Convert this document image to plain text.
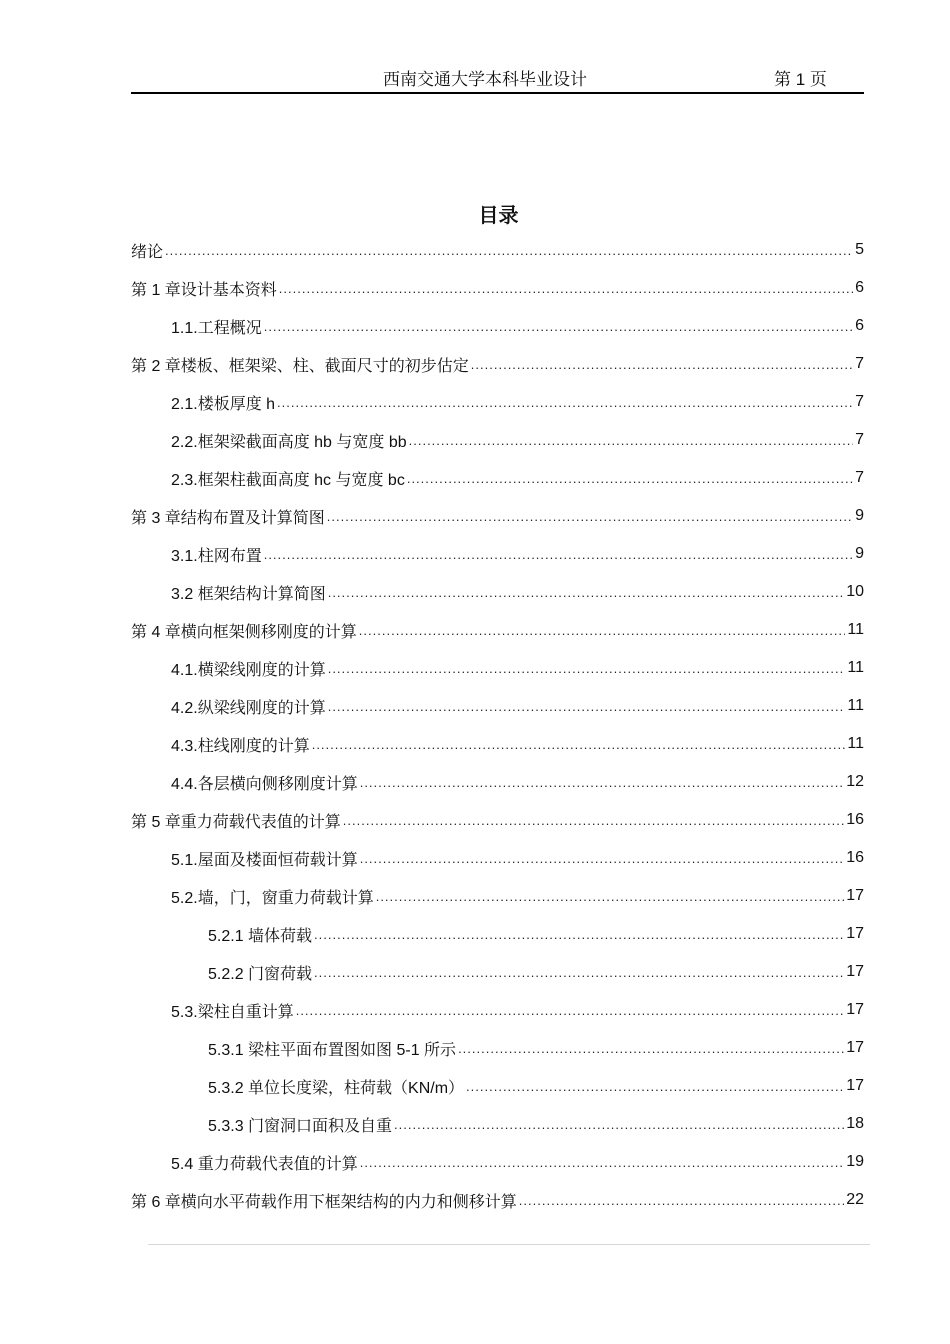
西南交通大学本科毕业设计	第 1 页
目录
绪论 .....	5
第 1 章设计基本资料 .....	6
1.1.工程概况 .....	6
第 2 章楼板、框架梁、柱、截面尺寸的初步估定 .....	7
2.1.楼板厚度 h .....	7
2.2.框架梁截面高度 hb 与宽度 bb .....	7
2.3.框架柱截面高度 hc 与宽度 bc .....	7
第 3 章结构布置及计算简图 .....	9
3.1.柱网布置 .....	9
3.2 框架结构计算简图 .....	10
第 4 章横向框架侧移刚度的计算 .....	11
4.1.横梁线刚度的计算 .....	11
4.2.纵梁线刚度的计算 .....	11
4.3.柱线刚度的计算 .....	11
4.4.各层横向侧移刚度计算 .....	12
第 5 章重力荷载代表值的计算 .....	16
5.1.屋面及楼面恒荷载计算 .....	16
5.2.墙，门，窗重力荷载计算 .....	17
5.2.1 墙体荷载 .....	17
5.2.2 门窗荷载 .....	17
5.3.梁柱自重计算 .....	17
5.3.1 梁柱平面布置图如图 5-1 所示 .....	17
5.3.2 单位长度梁，柱荷载（KN/m） .....	17
5.3.3 门窗洞口面积及自重 .....	18
5.4 重力荷载代表值的计算 .....	19
第 6 章横向水平荷载作用下框架结构的内力和侧移计算 .....	22
